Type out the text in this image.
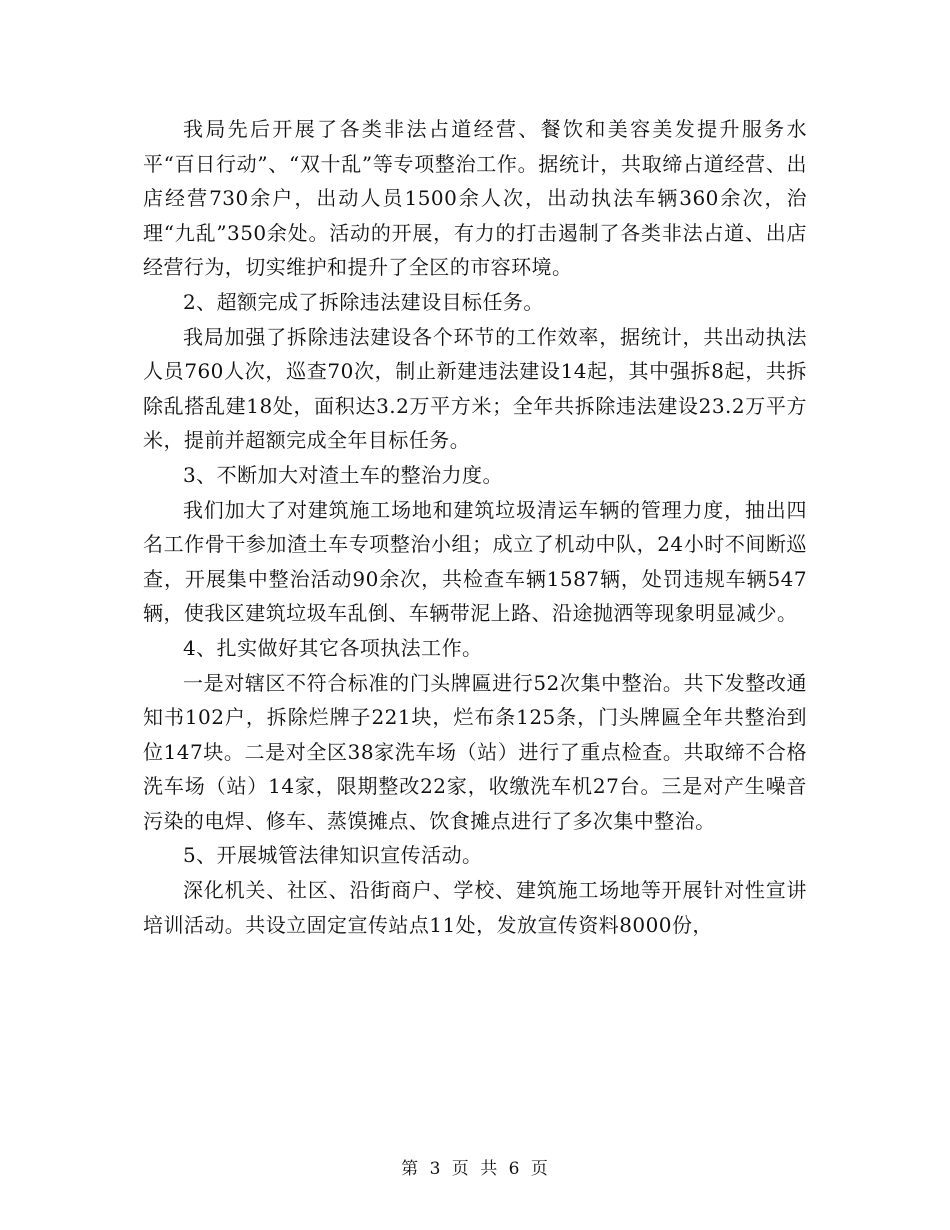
我局先后开展了各类非法占道经营、餐饮和美容美发提升服务水平“百日行动”、“双十乱”等专项整治工作。据统计，共取缔占道经营、出店经营730余户，出动人员1500余人次，出动执法车辆360余次，治理“九乱”350余处。活动的开展，有力的打击遏制了各类非法占道、出店经营行为，切实维护和提升了全区的市容环境。

2、超额完成了拆除违法建设目标任务。

我局加强了拆除违法建设各个环节的工作效率，据统计，共出动执法人员760人次，巡查70次，制止新建违法建设14起，其中强拆8起，共拆除乱搭乱建18处，面积达3.2万平方米；全年共拆除违法建设23.2万平方米，提前并超额完成全年目标任务。

3、不断加大对渣土车的整治力度。

我们加大了对建筑施工场地和建筑垃圾清运车辆的管理力度，抽出四名工作骨干参加渣土车专项整治小组；成立了机动中队，24小时不间断巡查，开展集中整治活动90余次，共检查车辆1587辆，处罚违规车辆547辆，使我区建筑垃圾车乱倒、车辆带泥上路、沿途抛洒等现象明显减少。

4、扎实做好其它各项执法工作。

一是对辖区不符合标准的门头牌匾进行52次集中整治。共下发整改通知书102户，拆除烂牌子221块，烂布条125条，门头牌匾全年共整治到位147块。二是对全区38家洗车场（站）进行了重点检查。共取缔不合格洗车场（站）14家，限期整改22家，收缴洗车机27台。三是对产生噪音污染的电焊、修车、蒸馍摊点、饮食摊点进行了多次集中整治。

5、开展城管法律知识宣传活动。

深化机关、社区、沿街商户、学校、建筑施工场地等开展针对性宣讲培训活动。共设立固定宣传站点11处，发放宣传资料8000份，

第 3 页 共 6 页
